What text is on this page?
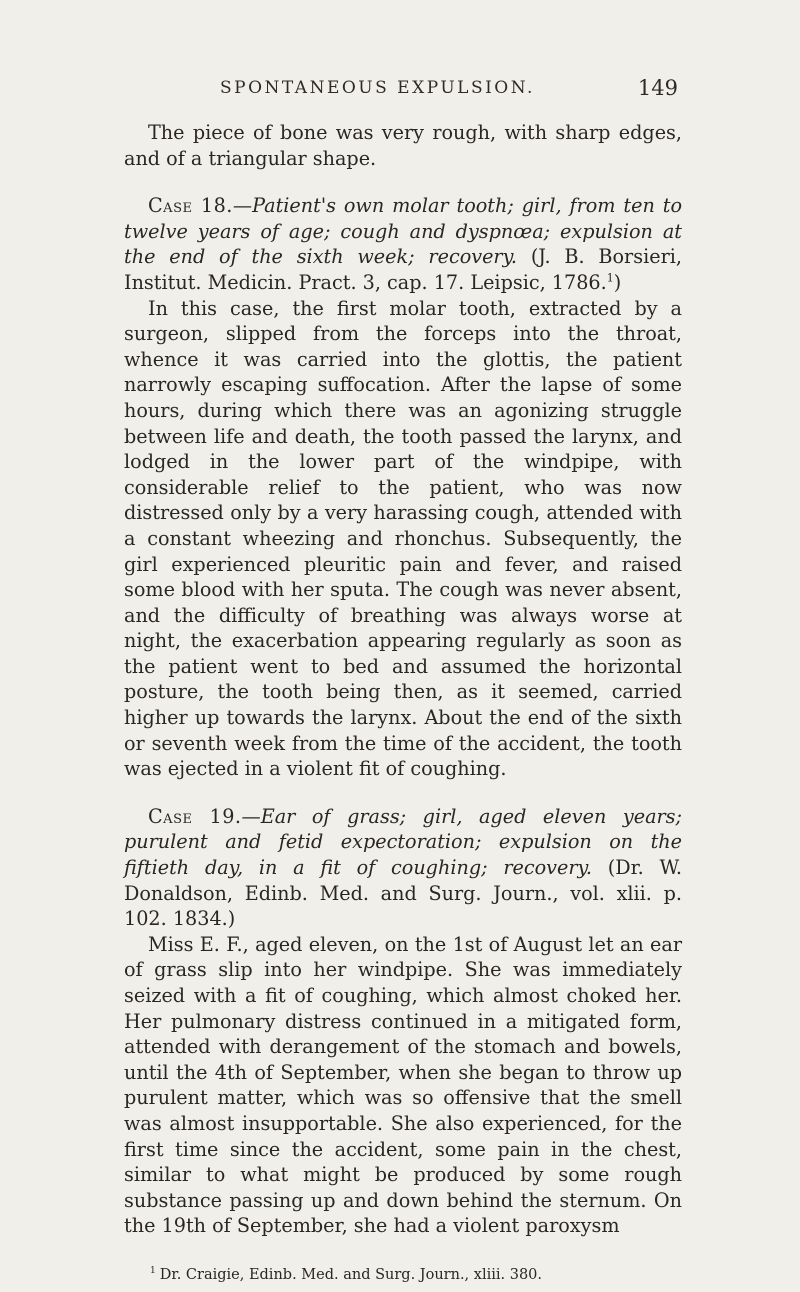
SPONTANEOUS EXPULSION.	149

The piece of bone was very rough, with sharp edges, and of a triangular shape.

Case 18.—Patient's own molar tooth; girl, from ten to twelve years of age; cough and dyspnœa; expulsion at the end of the sixth week; recovery. (J. B. Borsieri, Institut. Medicin. Pract. 3, cap. 17. Leipsic, 1786.$^1$)

In this case, the first molar tooth, extracted by a surgeon, slipped from the forceps into the throat, whence it was carried into the glottis, the patient narrowly escaping suffocation. After the lapse of some hours, during which there was an agonizing struggle between life and death, the tooth passed the larynx, and lodged in the lower part of the windpipe, with considerable relief to the patient, who was now distressed only by a very harassing cough, attended with a constant wheezing and rhonchus. Subsequently, the girl experienced pleuritic pain and fever, and raised some blood with her sputa. The cough was never absent, and the difficulty of breathing was always worse at night, the exacerbation appearing regularly as soon as the patient went to bed and assumed the horizontal posture, the tooth being then, as it seemed, carried higher up towards the larynx. About the end of the sixth or seventh week from the time of the accident, the tooth was ejected in a violent fit of coughing.

Case 19.—Ear of grass; girl, aged eleven years; purulent and fetid expectoration; expulsion on the fiftieth day, in a fit of coughing; recovery. (Dr. W. Donaldson, Edinb. Med. and Surg. Journ., vol. xlii. p. 102. 1834.)

Miss E. F., aged eleven, on the 1st of August let an ear of grass slip into her windpipe. She was immediately seized with a fit of coughing, which almost choked her. Her pulmonary distress continued in a mitigated form, attended with derangement of the stomach and bowels, until the 4th of September, when she began to throw up purulent matter, which was so offensive that the smell was almost insupportable. She also experienced, for the first time since the accident, some pain in the chest, similar to what might be produced by some rough substance passing up and down behind the sternum. On the 19th of September, she had a violent paroxysm

$^1$ Dr. Craigie, Edinb. Med. and Surg. Journ., xliii. 380.
